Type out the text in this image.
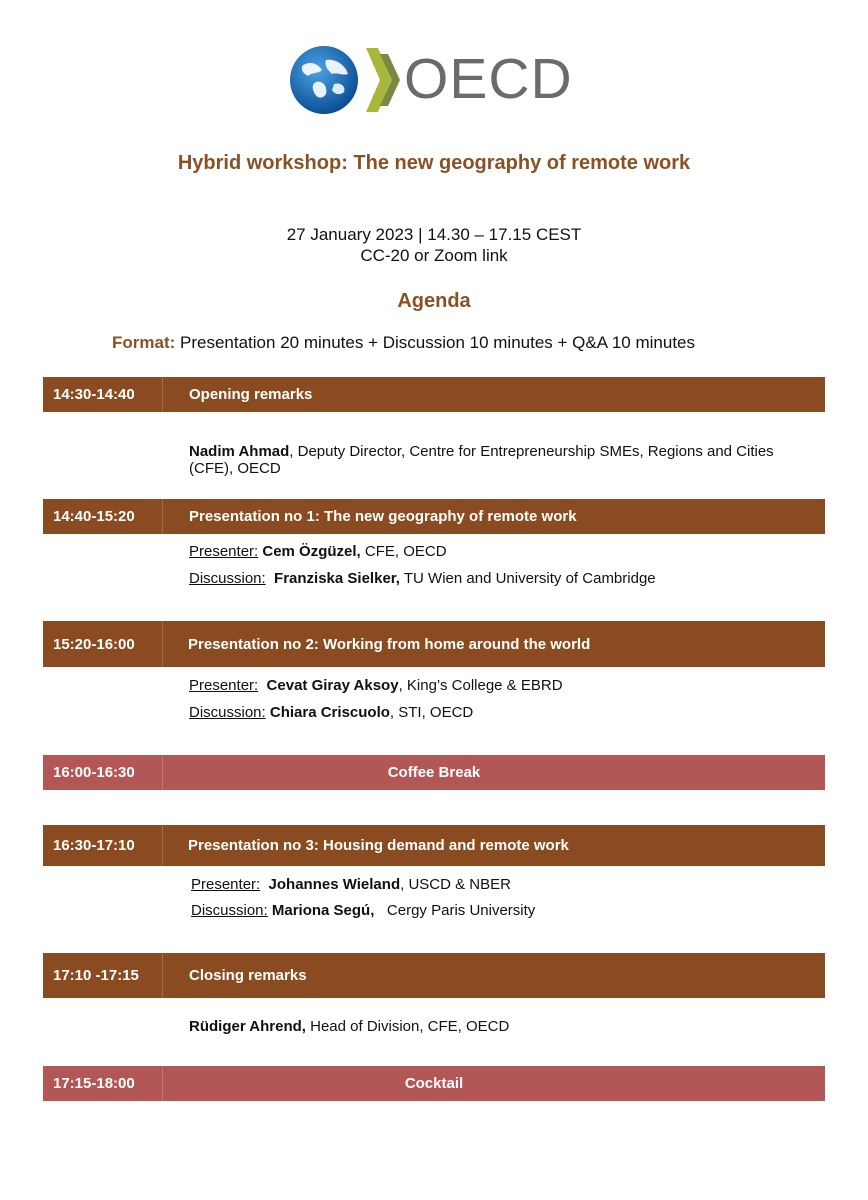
OECD
Hybrid workshop: The new geography of remote work
27 January 2023 | 14.30 – 17.15 CEST
CC-20 or Zoom link
Agenda
Format: Presentation 20 minutes + Discussion 10 minutes + Q&A 10 minutes
14:30-14:40	Opening remarks
Nadim Ahmad, Deputy Director, Centre for Entrepreneurship SMEs, Regions and Cities
(CFE), OECD
14:40-15:20	Presentation no 1: The new geography of remote work
Presenter: Cem Özgüzel, CFE, OECD
Discussion: Franziska Sielker, TU Wien and University of Cambridge
15:20-16:00	Presentation no 2: Working from home around the world
Presenter: Cevat Giray Aksoy, King’s College & EBRD
Discussion: Chiara Criscuolo, STI, OECD
16:00-16:30	Coffee Break
16:30-17:10	Presentation no 3: Housing demand and remote work
Presenter: Johannes Wieland, USCD & NBER
Discussion: Mariona Segú, Cergy Paris University
17:10 -17:15	Closing remarks
Rüdiger Ahrend, Head of Division, CFE, OECD
17:15-18:00	Cocktail
